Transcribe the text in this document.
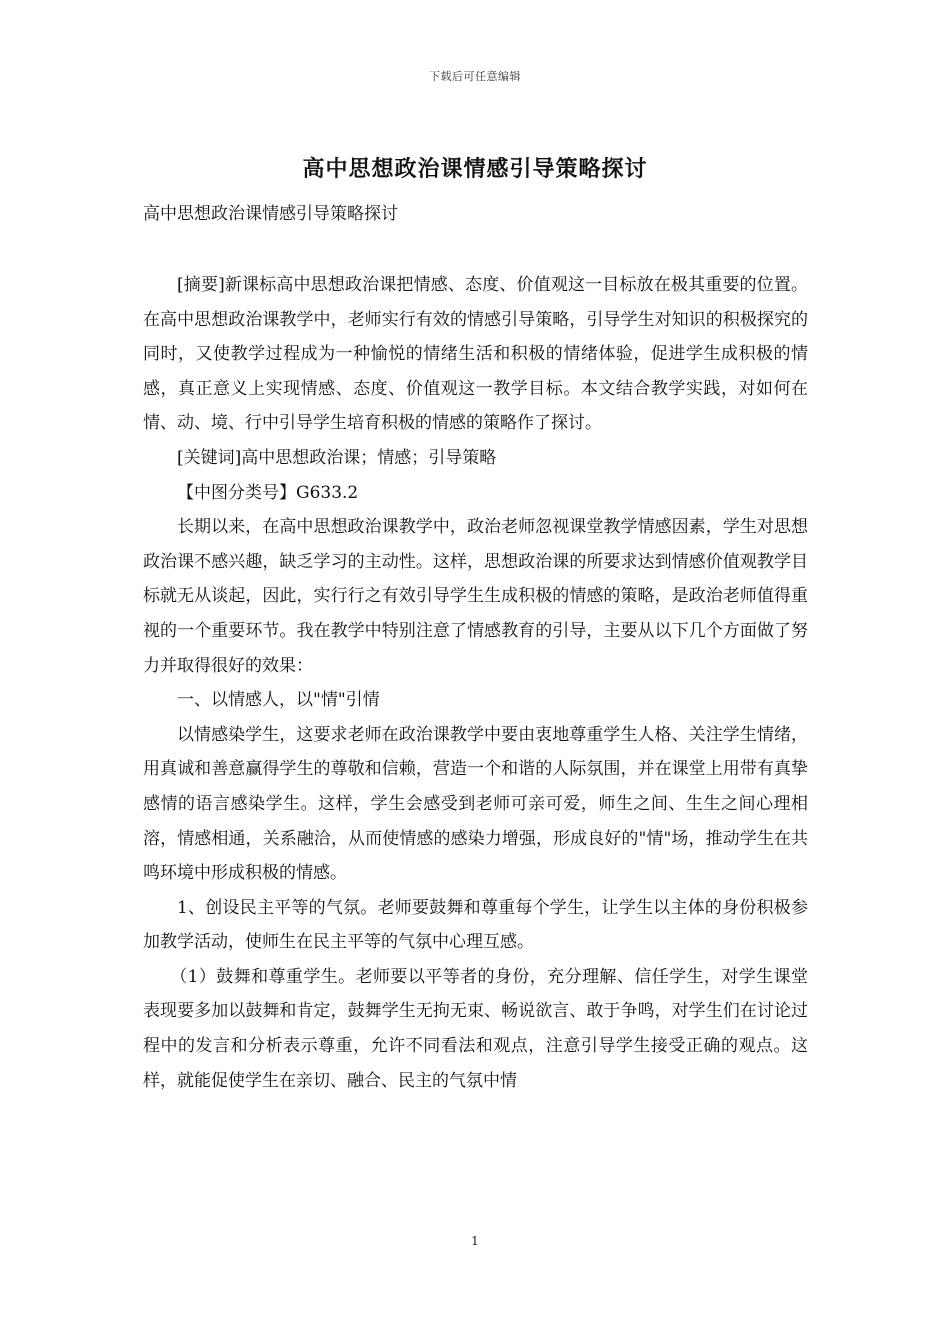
下载后可任意编辑
高中思想政治课情感引导策略探讨
高中思想政治课情感引导策略探讨

[摘要]新课标高中思想政治课把情感、态度、价值观这一目标放在极其重要的位置。在高中思想政治课教学中，老师实行有效的情感引导策略，引导学生对知识的积极探究的同时，又使教学过程成为一种愉悦的情绪生活和积极的情绪体验，促进学生成积极的情感，真正意义上实现情感、态度、价值观这一教学目标。本文结合教学实践，对如何在情、动、境、行中引导学生培育积极的情感的策略作了探讨。

[关键词]高中思想政治课；情感；引导策略

【中图分类号】G633.2

长期以来，在高中思想政治课教学中，政治老师忽视课堂教学情感因素，学生对思想政治课不感兴趣，缺乏学习的主动性。这样，思想政治课的所要求达到情感价值观教学目标就无从谈起，因此，实行行之有效引导学生生成积极的情感的策略，是政治老师值得重视的一个重要环节。我在教学中特别注意了情感教育的引导，主要从以下几个方面做了努力并取得很好的效果：

一、以情感人，以"情"引情

以情感染学生，这要求老师在政治课教学中要由衷地尊重学生人格、关注学生情绪，用真诚和善意赢得学生的尊敬和信赖，营造一个和谐的人际氛围，并在课堂上用带有真挚感情的语言感染学生。这样，学生会感受到老师可亲可爱，师生之间、生生之间心理相溶，情感相通，关系融洽，从而使情感的感染力增强，形成良好的"情"场，推动学生在共鸣环境中形成积极的情感。

1、创设民主平等的气氛。老师要鼓舞和尊重每个学生，让学生以主体的身份积极参加教学活动，使师生在民主平等的气氛中心理互感。

（1）鼓舞和尊重学生。老师要以平等者的身份，充分理解、信任学生，对学生课堂表现要多加以鼓舞和肯定，鼓舞学生无拘无束、畅说欲言、敢于争鸣，对学生们在讨论过程中的发言和分析表示尊重，允许不同看法和观点，注意引导学生接受正确的观点。这样，就能促使学生在亲切、融合、民主的气氛中情

1
